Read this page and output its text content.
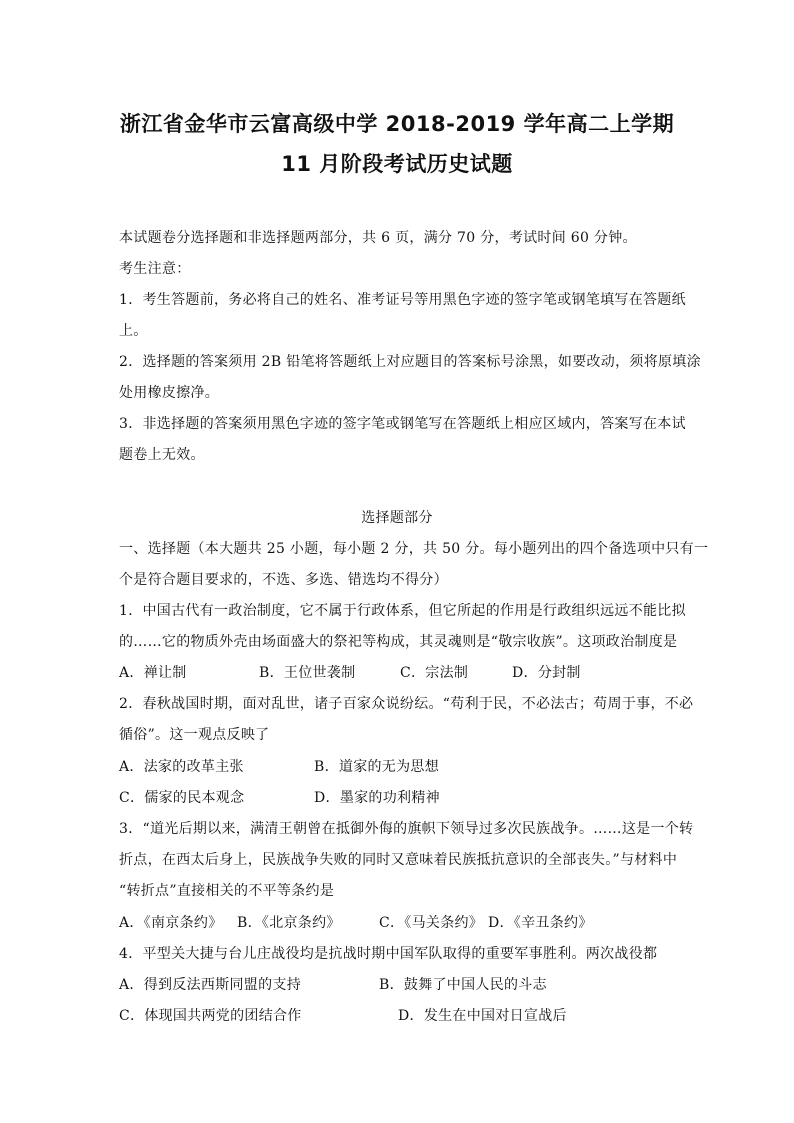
浙江省金华市云富高级中学 2018-2019 学年高二上学期
11 月阶段考试历史试题
本试题卷分选择题和非选择题两部分，共 6 页，满分 70 分，考试时间 60 分钟。
考生注意：
1．考生答题前，务必将自己的姓名、准考证号等用黑色字迹的签字笔或钢笔填写在答题纸
上。
2．选择题的答案须用 2B 铅笔将答题纸上对应题目的答案标号涂黑，如要改动，须将原填涂
处用橡皮擦净。
3．非选择题的答案须用黑色字迹的签字笔或钢笔写在答题纸上相应区域内，答案写在本试
题卷上无效。
选择题部分
一、选择题（本大题共 25 小题，每小题 2 分，共 50 分。每小题列出的四个备选项中只有一
个是符合题目要求的，不选、多选、错选均不得分）
1．中国古代有一政治制度，它不属于行政体系，但它所起的作用是行政组织远远不能比拟
的……它的物质外壳由场面盛大的祭祀等构成，其灵魂则是“敬宗收族”。这项政治制度是
A．禅让制	B．王位世袭制	C．宗法制	D．分封制
2．春秋战国时期，面对乱世，诸子百家众说纷纭。“苟利于民，不必法古；苟周于事，不必
循俗”。这一观点反映了
A．法家的改革主张	B．道家的无为思想
C．儒家的民本观念	D．墨家的功利精神
3．“道光后期以来，满清王朝曾在抵御外侮的旗帜下领导过多次民族战争。……这是一个转
折点，在西太后身上，民族战争失败的同时又意味着民族抵抗意识的全部丧失。”与材料中
“转折点”直接相关的不平等条约是
A．《南京条约》 B．《北京条约》	C．《马关条约》 D．《辛丑条约》
4．平型关大捷与台儿庄战役均是抗战时期中国军队取得的重要军事胜利。两次战役都
A．得到反法西斯同盟的支持	B．鼓舞了中国人民的斗志
C．体现国共两党的团结合作	D．发生在中国对日宣战后
